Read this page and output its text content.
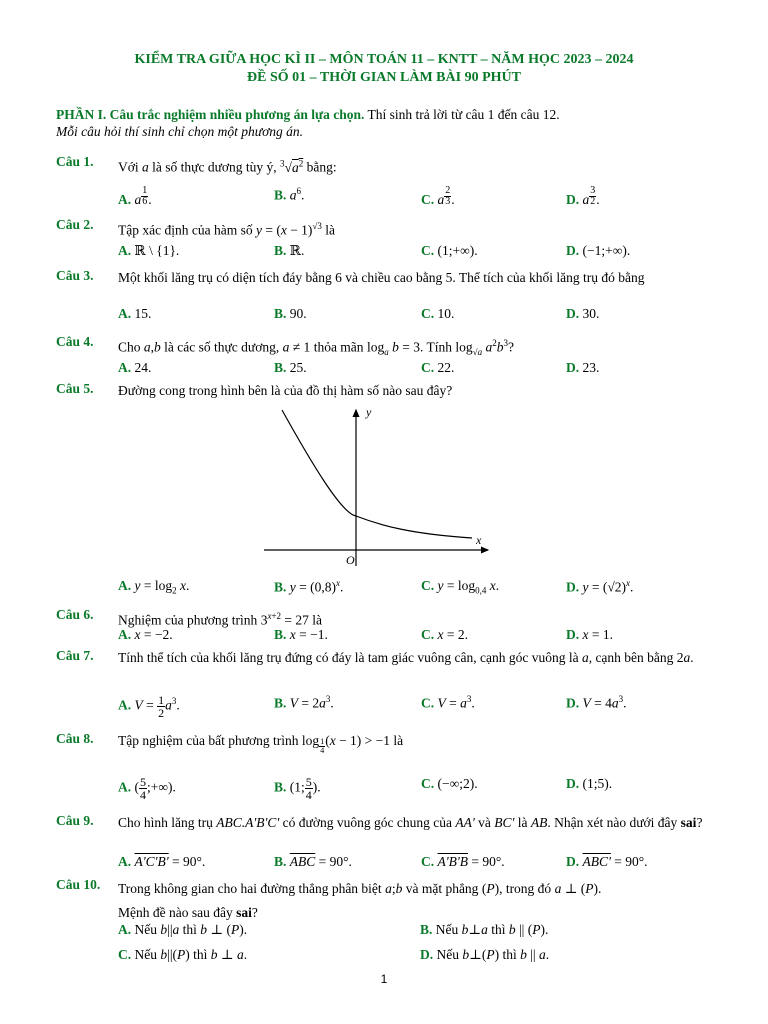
KIỂM TRA GIỮA HỌC KÌ II – MÔN TOÁN 11 – KNTT – NĂM HỌC 2023 – 2024
ĐỀ SỐ 01 – THỜI GIAN LÀM BÀI 90 PHÚT
PHẦN I. Câu trắc nghiệm nhiều phương án lựa chọn. Thí sinh trả lời từ câu 1 đến câu 12.
Mỗi câu hỏi thí sinh chỉ chọn một phương án.
Câu 1. Với a là số thực dương tùy ý, $^3√a^2$ bằng:
A. a $^{\frac{1}{6}}$ .	B. $a^6$.	C. a $^{\frac{2}{3}}$ .	D. a $^{\frac{3}{2}}$ .
Câu 2. Tập xác định của hàm số $y = (x - 1)^{√3}$ là
A. ℝ \ {1}.	B. ℝ.	C. (1;+∞).	D. (−1;+∞).
Câu 3. Một khối lăng trụ có diện tích đáy bằng 6 và chiều cao bằng 5. Thể tích của khối lăng trụ đó bằng
A. 15.	B. 90.	C. 10.	D. 30.
Câu 4. Cho a,b là các số thực dương, a ≠ 1 thỏa mãn $\log_a b = 3$. Tính $\log_{√a} a^2b^3$?
A. 24.	B. 25.	C. 22.	D. 23.
Câu 5. Đường cong trong hình bên là của đồ thị hàm số nào sau đây?
x
y
O
A. $y = \log_2 x$.	B. $y = (0,8)^x$.	C. $y = \log_{0,4} x$.	D. $y = (√2)^x$.
Câu 6. Nghiệm của phương trình $3^{x+2} = 27$ là
A. x = −2.	B. x = −1.	C. x = 2.	D. x = 1.
Câu 7. Tính thể tích của khối lăng trụ đứng có đáy là tam giác vuông cân, cạnh góc vuông là a, cạnh bên bằng 2a.
A. $V = \frac{1}{2} a^3$.	B. $V = 2a^3$.	C. $V = a^3$.	D. $V = 4a^3$.
Câu 8. Tập nghiệm của bất phương trình log $_{\frac{1}{4}}$ (x − 1) > −1 là
A. ( $\frac{5}{4}$ ;+∞).	B. (1; $\frac{5}{4}$ ).	C. (−∞;2).	D. (1;5).
Câu 9. Cho hình lăng trụ ABC.A'B'C' có đường vuông góc chung của AA' và BC' là AB. Nhận xét nào dưới đây sai?
A. A'C'B' = 90°.	B. $\overline{ABC} = 90^\circ$.	C. A'B'B = 90°.	D. ABC' = 90°.
Câu 10. Trong không gian cho hai đường thẳng phân biệt a;b và mặt phẳng (P), trong đó a ⊥ (P).
Mệnh đề nào sau đây sai?
A. Nếu b||a thì b ⊥ (P).	B. Nếu b⊥a thì b || (P).
C. Nếu b||(P) thì b ⊥ a.	D. Nếu b⊥(P) thì b || a.
1
